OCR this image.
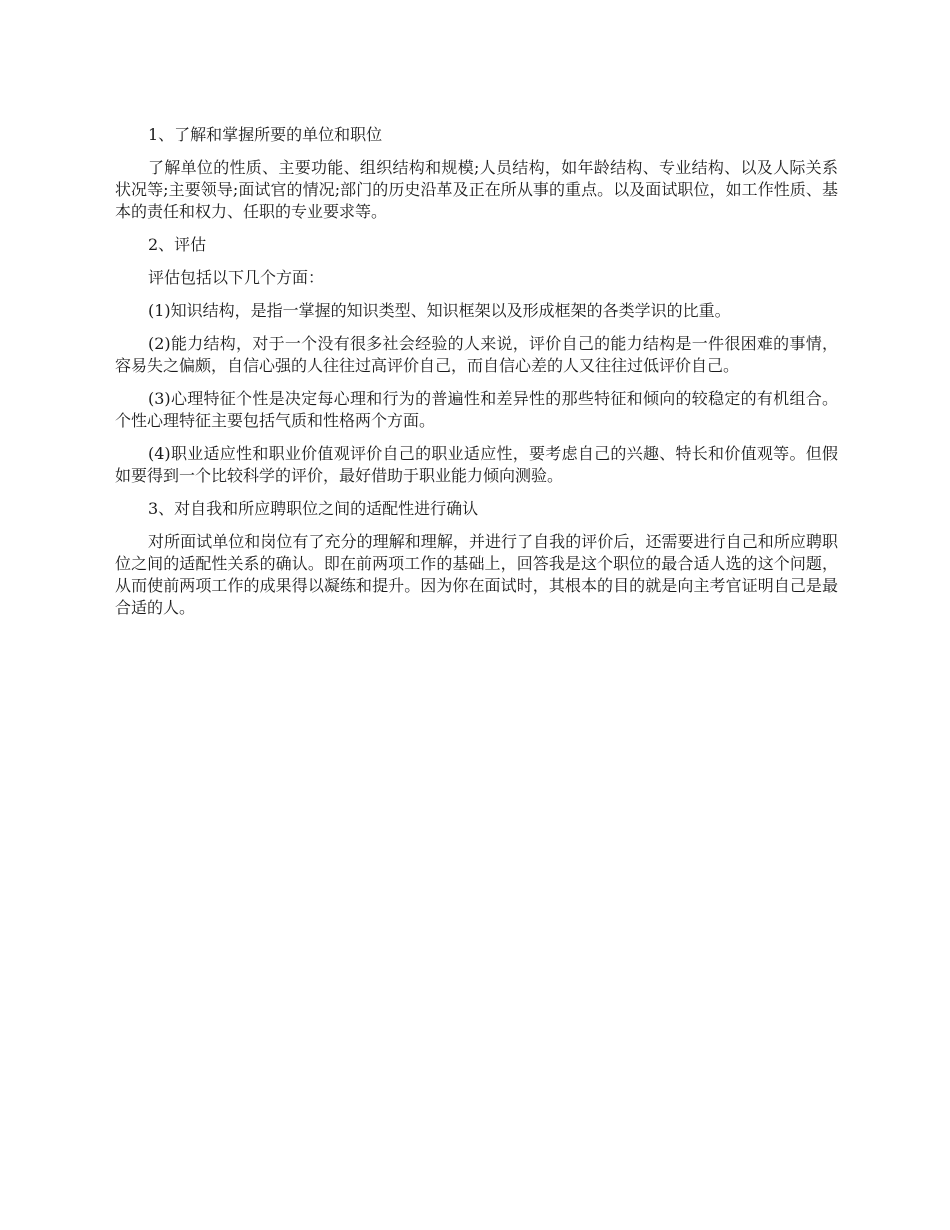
1、了解和掌握所要的单位和职位

了解单位的性质、主要功能、组织结构和规模;人员结构，如年龄结构、专业结构、以及人际关系状况等;主要领导;面试官的情况;部门的历史沿革及正在所从事的重点。以及面试职位，如工作性质、基本的责任和权力、任职的专业要求等。

2、评估

评估包括以下几个方面：

(1)知识结构，是指一掌握的知识类型、知识框架以及形成框架的各类学识的比重。

(2)能力结构，对于一个没有很多社会经验的人来说，评价自己的能力结构是一件很困难的事情，容易失之偏颇，自信心强的人往往过高评价自己，而自信心差的人又往往过低评价自己。

(3)心理特征个性是决定每心理和行为的普遍性和差异性的那些特征和倾向的较稳定的有机组合。个性心理特征主要包括气质和性格两个方面。

(4)职业适应性和职业价值观评价自己的职业适应性，要考虑自己的兴趣、特长和价值观等。但假如要得到一个比较科学的评价，最好借助于职业能力倾向测验。

3、对自我和所应聘职位之间的适配性进行确认

对所面试单位和岗位有了充分的理解和理解，并进行了自我的评价后，还需要进行自己和所应聘职位之间的适配性关系的确认。即在前两项工作的基础上，回答我是这个职位的最合适人选的这个问题，从而使前两项工作的成果得以凝练和提升。因为你在面试时，其根本的目的就是向主考官证明自己是最合适的人。
